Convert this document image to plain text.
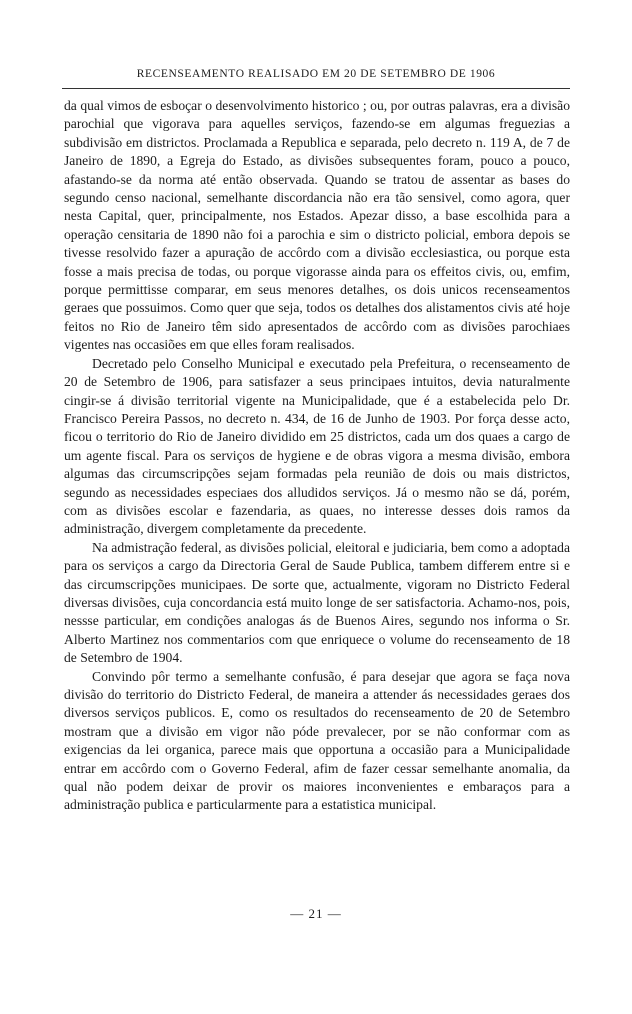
RECENSEAMENTO REALISADO EM 20 DE SETEMBRO DE 1906

da qual vimos de esboçar o desenvolvimento historico ; ou, por outras palavras, era a divisão parochial que vigorava para aquelles serviços, fazendo-se em algumas freguezias a subdivisão em districtos. Proclamada a Republica e separada, pelo decreto n. 119 A, de 7 de Janeiro de 1890, a Egreja do Estado, as divisões subsequentes foram, pouco a pouco, afastando-se da norma até então observada. Quando se tratou de assentar as bases do segundo censo nacional, semelhante discordancia não era tão sensivel, como agora, quer nesta Capital, quer, principalmente, nos Estados. Apezar disso, a base escolhida para a operação censitaria de 1890 não foi a parochia e sim o districto policial, embora depois se tivesse resolvido fazer a apuração de accôrdo com a divisão ecclesiastica, ou porque esta fosse a mais precisa de todas, ou porque vigorasse ainda para os effeitos civis, ou, emfim, porque permittisse comparar, em seus menores detalhes, os dois unicos recenseamentos geraes que possuimos. Como quer que seja, todos os detalhes dos alistamentos civis até hoje feitos no Rio de Janeiro têm sido apresentados de accôrdo com as divisões parochiaes vigentes nas occasiões em que elles foram realisados.

Decretado pelo Conselho Municipal e executado pela Prefeitura, o recenseamento de 20 de Setembro de 1906, para satisfazer a seus principaes intuitos, devia naturalmente cingir-se á divisão territorial vigente na Municipalidade, que é a estabelecida pelo Dr. Francisco Pereira Passos, no decreto n. 434, de 16 de Junho de 1903. Por força desse acto, ficou o territorio do Rio de Janeiro dividido em 25 districtos, cada um dos quaes a cargo de um agente fiscal. Para os serviços de hygiene e de obras vigora a mesma divisão, embora algumas das circumscripções sejam formadas pela reunião de dois ou mais districtos, segundo as necessidades especiaes dos alludidos serviços. Já o mesmo não se dá, porém, com as divisões escolar e fazendaria, as quaes, no interesse desses dois ramos da administração, divergem completamente da precedente.

Na admistração federal, as divisões policial, eleitoral e judiciaria, bem como a adoptada para os serviços a cargo da Directoria Geral de Saude Publica, tambem differem entre si e das circumscripções municipaes. De sorte que, actualmente, vigoram no Districto Federal diversas divisões, cuja concordancia está muito longe de ser satisfactoria. Achamo-nos, pois, nessse particular, em condições analogas ás de Buenos Aires, segundo nos informa o Sr. Alberto Martinez nos commentarios com que enriquece o volume do recenseamento de 18 de Setembro de 1904.

Convindo pôr termo a semelhante confusão, é para desejar que agora se faça nova divisão do territorio do Districto Federal, de maneira a attender ás necessidades geraes dos diversos serviços publicos. E, como os resultados do recenseamento de 20 de Setembro mostram que a divisão em vigor não póde prevalecer, por se não conformar com as exigencias da lei organica, parece mais que opportuna a occasião para a Municipalidade entrar em accôrdo com o Governo Federal, afim de fazer cessar semelhante anomalia, da qual não podem deixar de provir os maiores inconvenientes e embaraços para a administração publica e particularmente para a estatistica municipal.

— 21 —
